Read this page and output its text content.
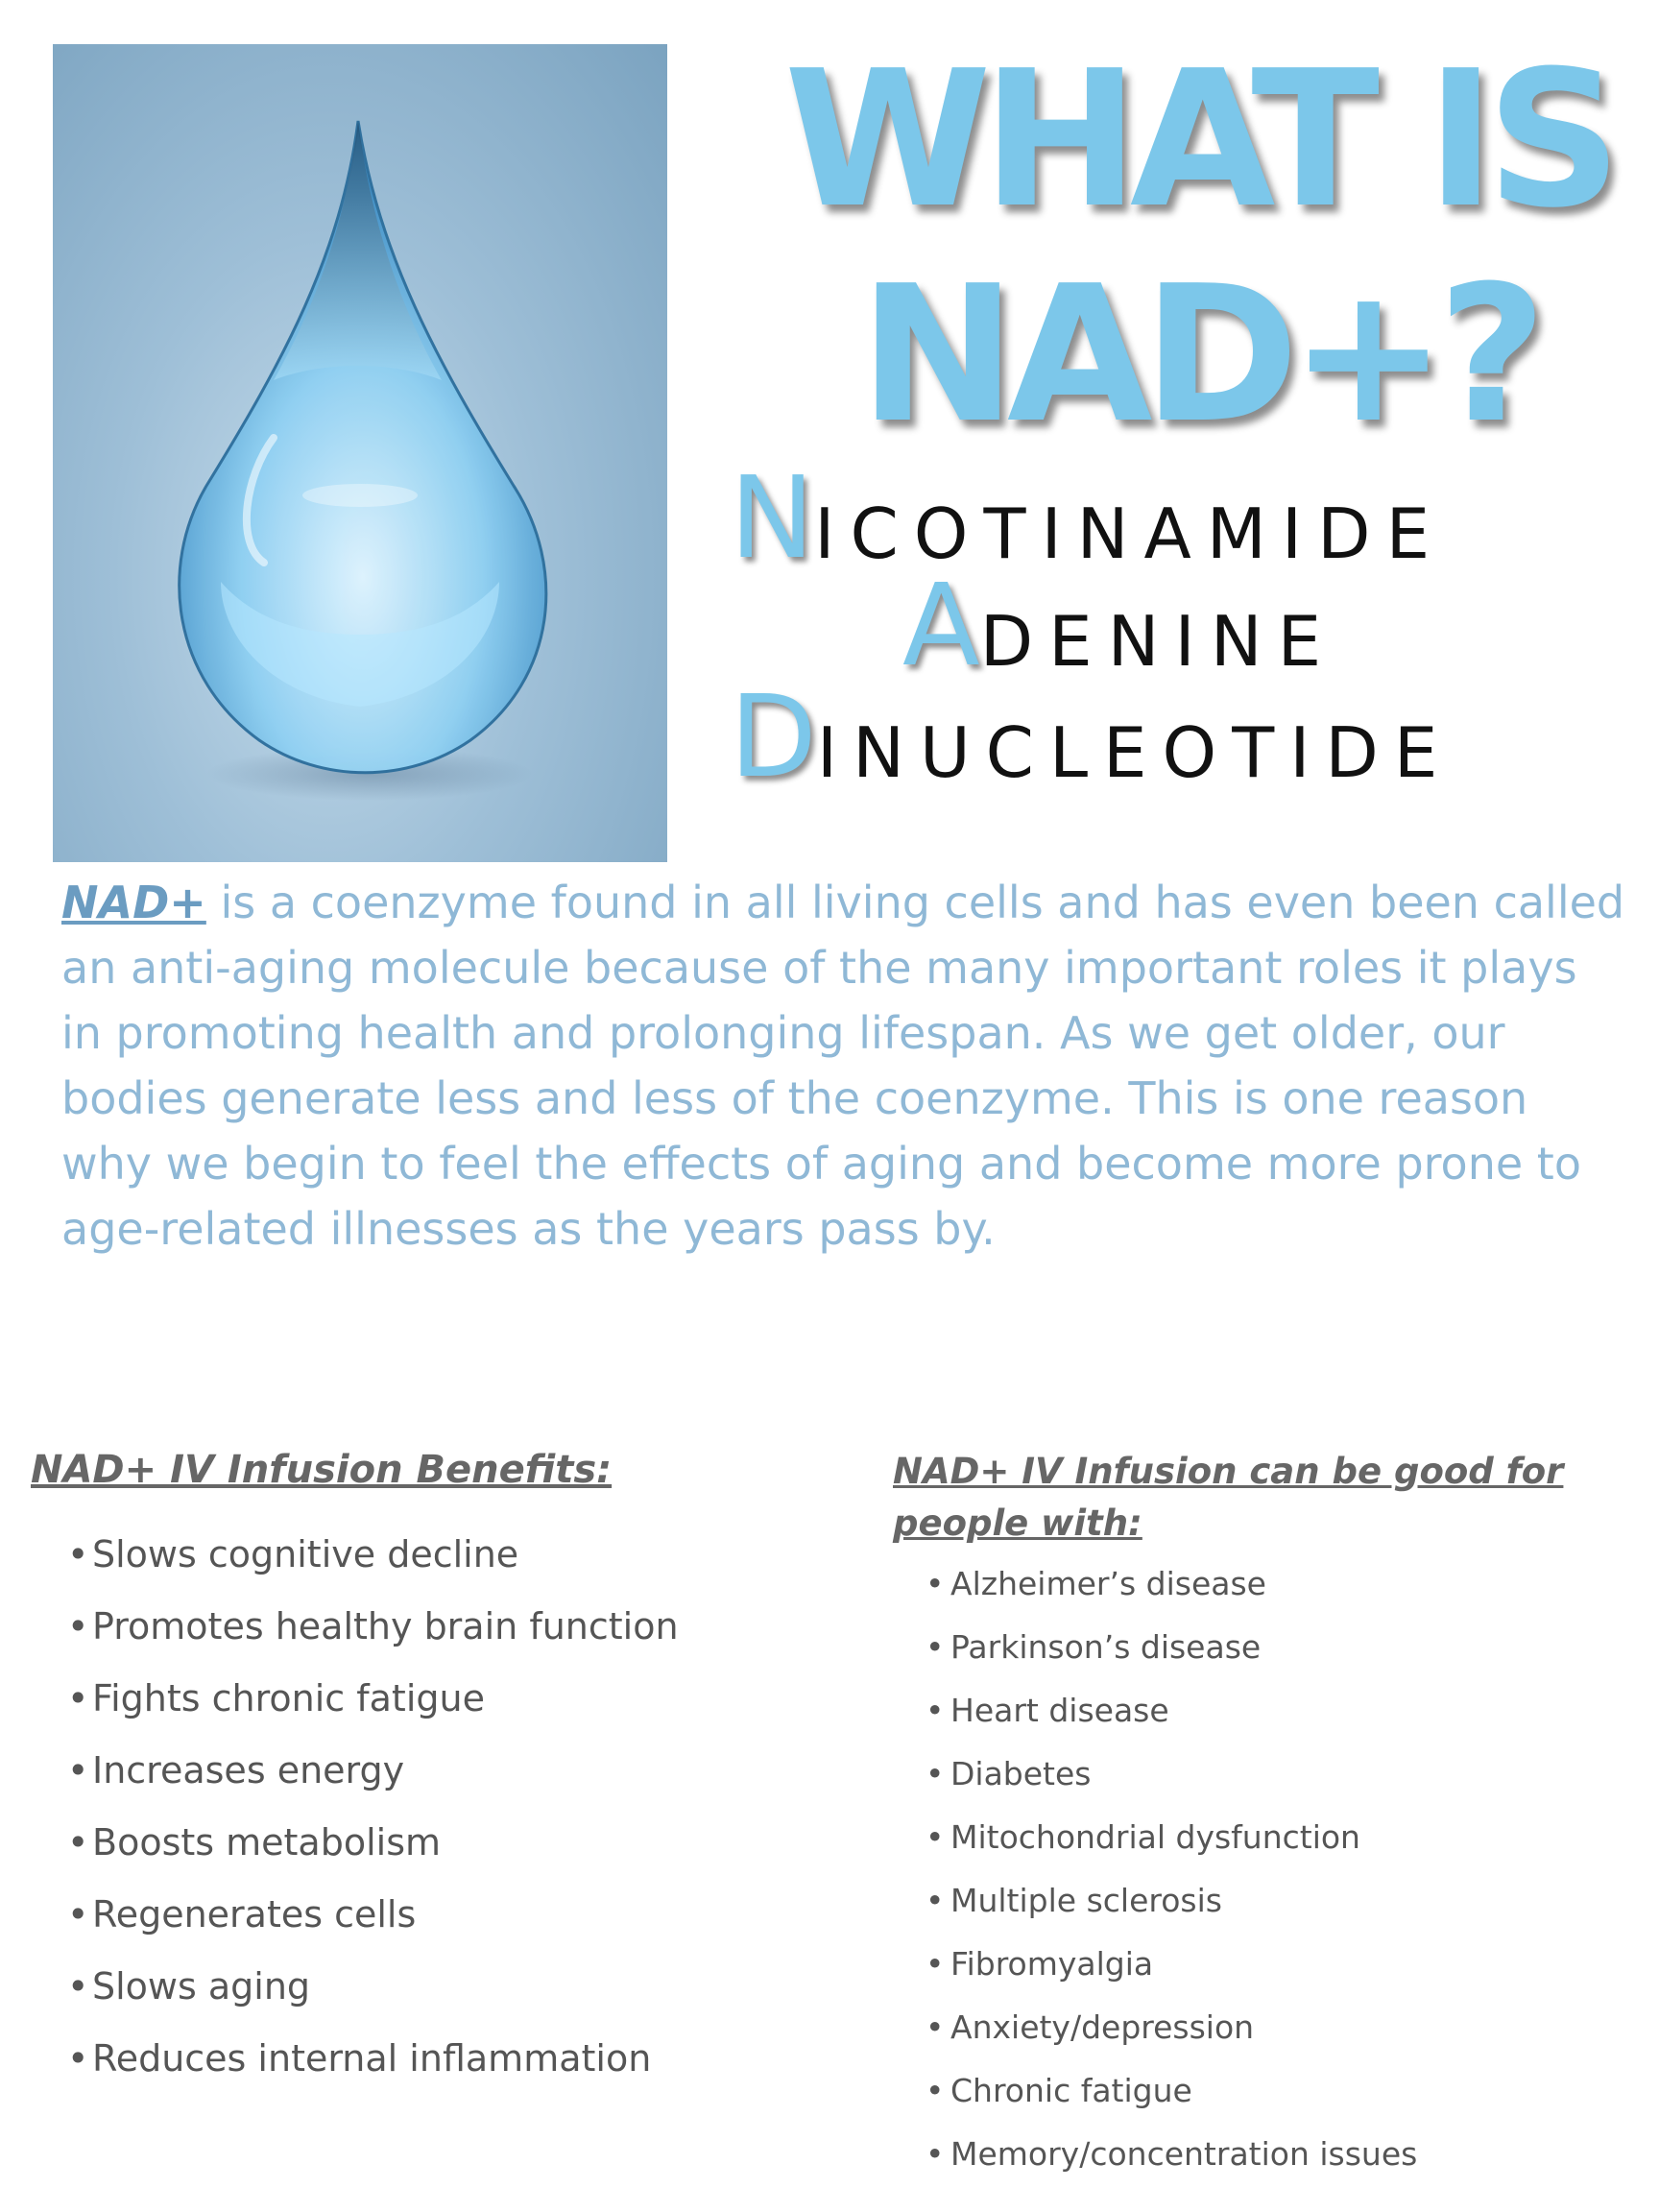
WHAT IS
NAD+?
N ICOTINAMIDE
A DENINE
D INUCLEOTIDE

NAD+ is a coenzyme found in all living cells and has even been called an anti-aging molecule because of the many important roles it plays in promoting health and prolonging lifespan. As we get older, our bodies generate less and less of the coenzyme. This is one reason why we begin to feel the effects of aging and become more prone to age-related illnesses as the years pass by.

NAD+ IV Infusion Benefits:
• Slows cognitive decline
• Promotes healthy brain function
• Fights chronic fatigue
• Increases energy
• Boosts metabolism
• Regenerates cells
• Slows aging
• Reduces internal inflammation
NAD+ IV Infusion can be good for people with:
• Alzheimer’s disease
• Parkinson’s disease
• Heart disease
• Diabetes
• Mitochondrial dysfunction
• Multiple sclerosis
• Fibromyalgia
• Anxiety/depression
• Chronic fatigue
• Memory/concentration issues
